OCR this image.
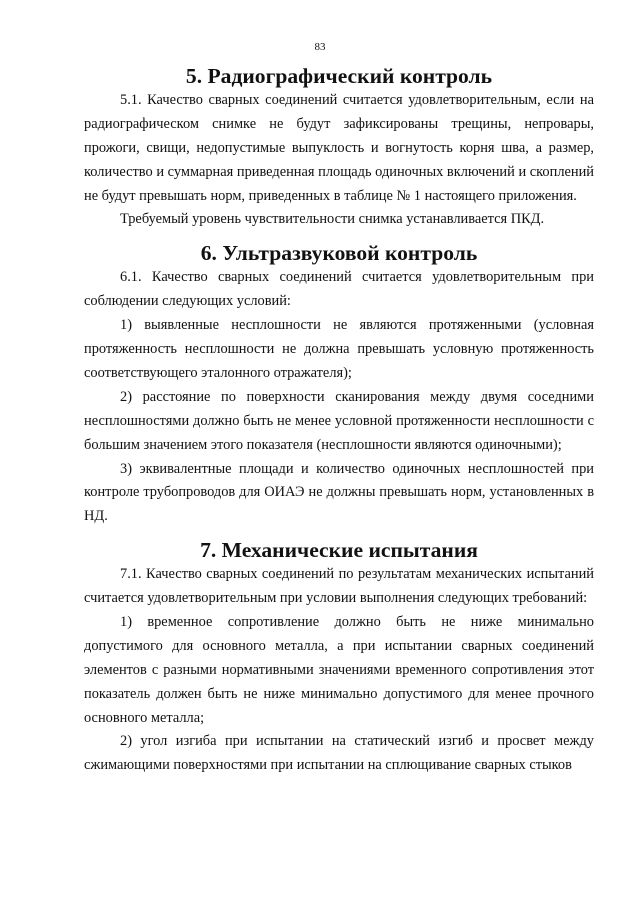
83
5. Радиографический контроль

5.1. Качество сварных соединений считается удовлетворительным, если на радиографическом снимке не будут зафиксированы трещины, непровары, прожоги, свищи, недопустимые выпуклость и вогнутость корня шва, а размер, количество и суммарная приведенная площадь одиночных включений и скоплений не будут превышать норм, приведенных в таблице № 1 настоящего приложения.

Требуемый уровень чувствительности снимка устанавливается ПКД.

6. Ультразвуковой контроль

6.1. Качество сварных соединений считается удовлетворительным при соблюдении следующих условий:

1) выявленные несплошности не являются протяженными (условная протяженность несплошности не должна превышать условную протяженность соответствующего эталонного отражателя);

2) расстояние по поверхности сканирования между двумя соседними несплошностями должно быть не менее условной протяженности несплошности с большим значением этого показателя (несплошности являются одиночными);

3) эквивалентные площади и количество одиночных несплошностей при контроле трубопроводов для ОИАЭ не должны превышать норм, установленных в НД.

7. Механические испытания

7.1. Качество сварных соединений по результатам механических испытаний считается удовлетворительным при условии выполнения следующих требований:

1) временное сопротивление должно быть не ниже минимально допустимого для основного металла, а при испытании сварных соединений элементов с разными нормативными значениями временного сопротивления этот показатель должен быть не ниже минимально допустимого для менее прочного основного металла;

2) угол изгиба при испытании на статический изгиб и просвет между сжимающими поверхностями при испытании на сплющивание сварных стыков
